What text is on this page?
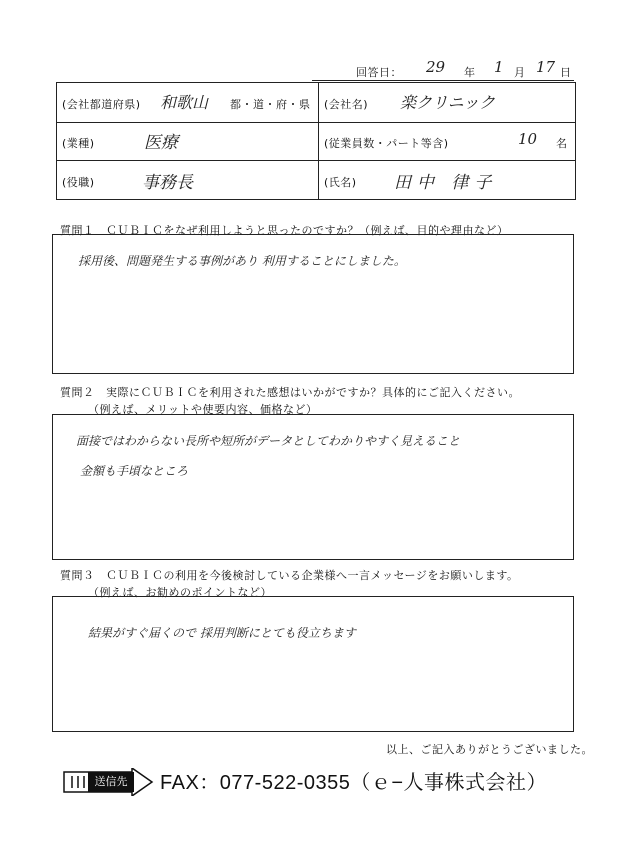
回答日： 29 年 1 月 17 日
(会社都道府県) 和歌山 都・道・府・県 (会社名) 楽クリニック
(業種)	医療	(従業員数・パート等含)	10 名
(役職)	事務長	(氏名) 田中 律子
質問１　ＣＵＢＩＣをなぜ利用しようと思ったのですか？（例えば、目的や理由など）
採用後、問題発生する事例があり 利用することにしました。
質問２　実際にＣＵＢＩＣを利用された感想はいかがですか？具体的にご記入ください。
（例えば、メリットや使要内容、価格など）
面接ではわからない長所や短所がデータとしてわかりやすく見えること
金額も手頃なところ
質問３　ＣＵＢＩＣの利用を今後検討している企業様へ一言メッセージをお願いします。
（例えば、お勧めのポイントなど）
結果がすぐ届くので 採用判断にとても役立ちます
以上、ご記入ありがとうございました。
送信先	FAX：077-522-0355（ｅ−人事株式会社）
